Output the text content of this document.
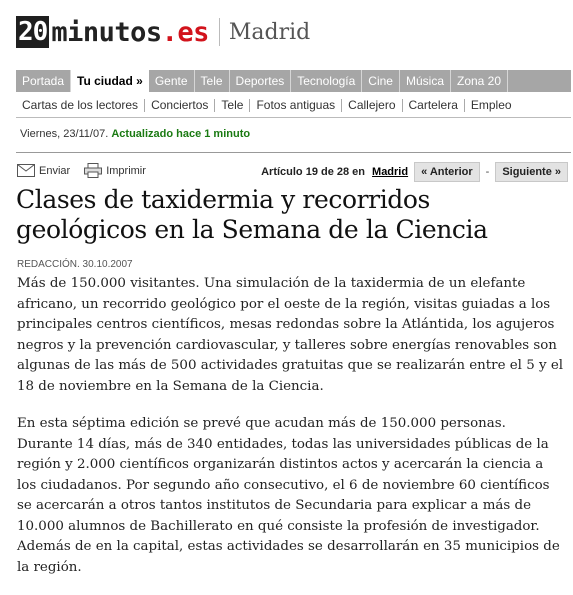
20 minutos.es Madrid
Portada	Tu ciudad »	Gente	Tele	Deportes	Tecnología	Cine	Música	Zona 20
Cartas de los lectores	Conciertos	Tele	Fotos antiguas	Callejero	Cartelera	Empleo
Viernes, 23/11/07. Actualizado hace 1 minuto
Enviar	Imprimir	Artículo 19 de 28 en Madrid	« Anterior	-	Siguiente »
Clases de taxidermia y recorridos geológicos en la Semana de la Ciencia
REDACCIÓN. 30.10.2007

Más de 150.000 visitantes. Una simulación de la taxidermia de un elefante africano, un recorrido geológico por el oeste de la región, visitas guiadas a los principales centros científicos, mesas redondas sobre la Atlántida, los agujeros negros y la prevención cardiovascular, y talleres sobre energías renovables son algunas de las más de 500 actividades gratuitas que se realizarán entre el 5 y el 18 de noviembre en la Semana de la Ciencia.

En esta séptima edición se prevé que acudan más de 150.000 personas. Durante 14 días, más de 340 entidades, todas las universidades públicas de la región y 2.000 científicos organizarán distintos actos y acercarán la ciencia a los ciudadanos. Por segundo año consecutivo, el 6 de noviembre 60 científicos se acercarán a otros tantos institutos de Secundaria para explicar a más de 10.000 alumnos de Bachillerato en qué consiste la profesión de investigador. Además de en la capital, estas actividades se desarrollarán en 35 municipios de la región.
